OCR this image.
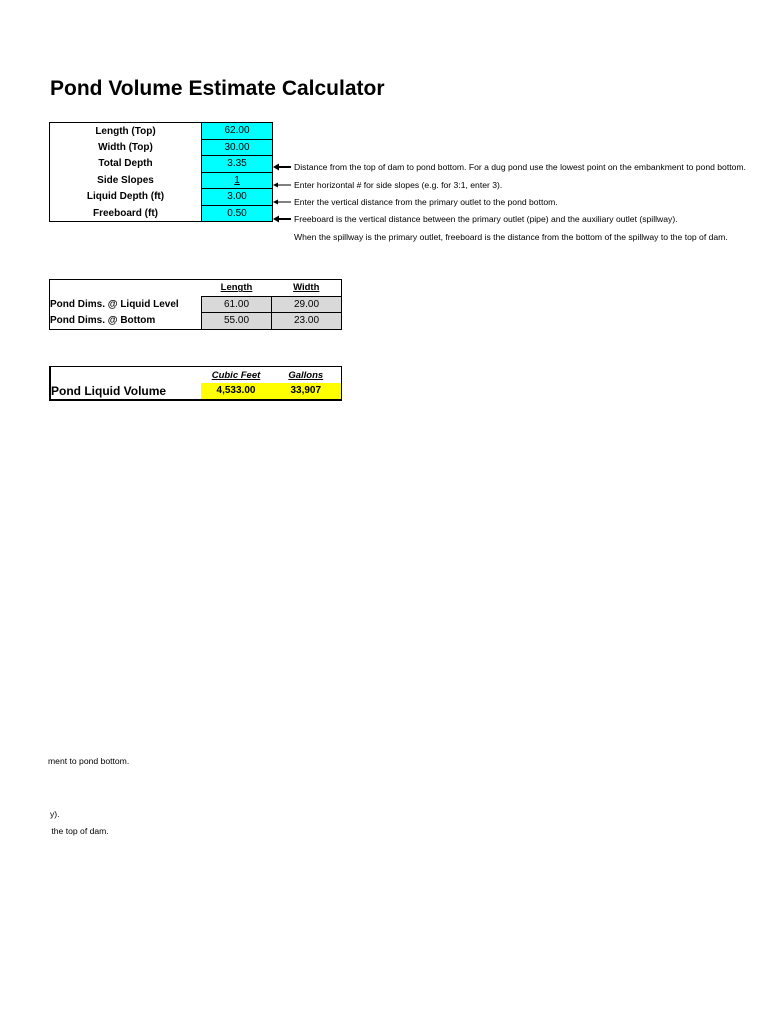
Pond Volume Estimate Calculator
Length (Top)	62.00
Width (Top)	30.00
Total Depth	3.35
Side Slopes	1
Liquid Depth (ft)	3.00
Freeboard (ft)	0.50
Distance from the top of dam to pond bottom. For a dug pond use the lowest point on the embankment to pond bottom.
Enter horizontal # for side slopes (e.g. for 3:1, enter 3).
Enter the vertical distance from the primary outlet to the pond bottom.
Freeboard is the vertical distance between the primary outlet (pipe) and the auxiliary outlet (spillway).
When the spillway is the primary outlet, freeboard is the distance from the bottom of the spillway to the top of dam.
	Length	Width
Pond Dims. @ Liquid Level	61.00	29.00
Pond Dims. @ Bottom	55.00	23.00
	Cubic Feet	Gallons
Pond Liquid Volume	4,533.00	33,907
ment to pond bottom.
y).
the top of dam.
